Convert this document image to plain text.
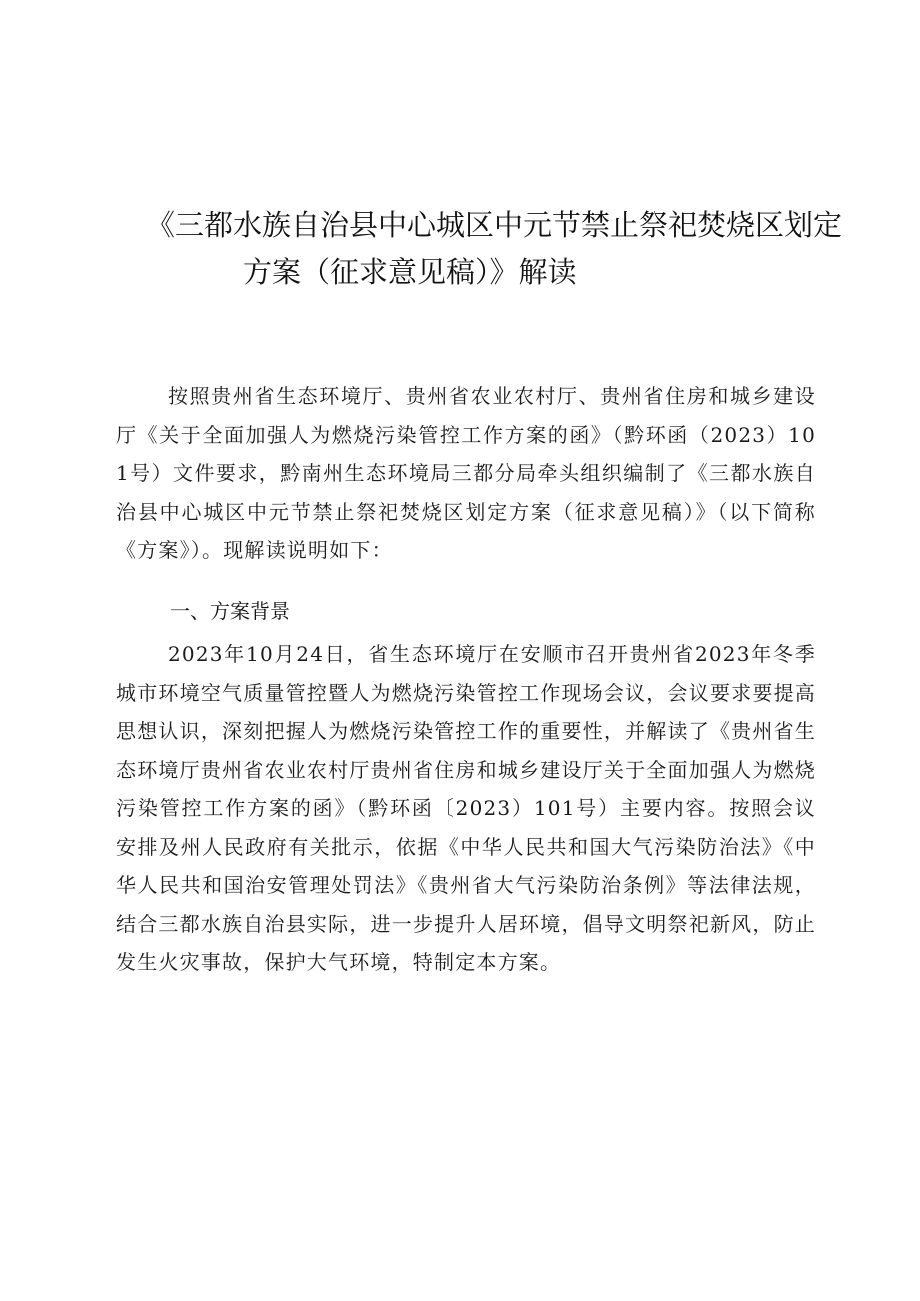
《三都水族自治县中心城区中元节禁止祭祀焚烧区划定
方案（征求意见稿）》解读

按照贵州省生态环境厅、贵州省农业农村厅、贵州省住房和城乡建设厅《关于全面加强人为燃烧污染管控工作方案的函》（黔环函（2023）101号）文件要求，黔南州生态环境局三都分局牵头组织编制了《三都水族自治县中心城区中元节禁止祭祀焚烧区划定方案（征求意见稿）》（以下简称《方案》）。现解读说明如下：

一、方案背景

2023年10月24日，省生态环境厅在安顺市召开贵州省2023年冬季城市环境空气质量管控暨人为燃烧污染管控工作现场会议，会议要求要提高思想认识，深刻把握人为燃烧污染管控工作的重要性，并解读了《贵州省生态环境厅贵州省农业农村厅贵州省住房和城乡建设厅关于全面加强人为燃烧污染管控工作方案的函》（黔环函〔2023）101号）主要内容。按照会议安排及州人民政府有关批示，依据《中华人民共和国大气污染防治法》《中华人民共和国治安管理处罚法》《贵州省大气污染防治条例》等法律法规，结合三都水族自治县实际，进一步提升人居环境，倡导文明祭祀新风，防止发生火灾事故，保护大气环境，特制定本方案。
